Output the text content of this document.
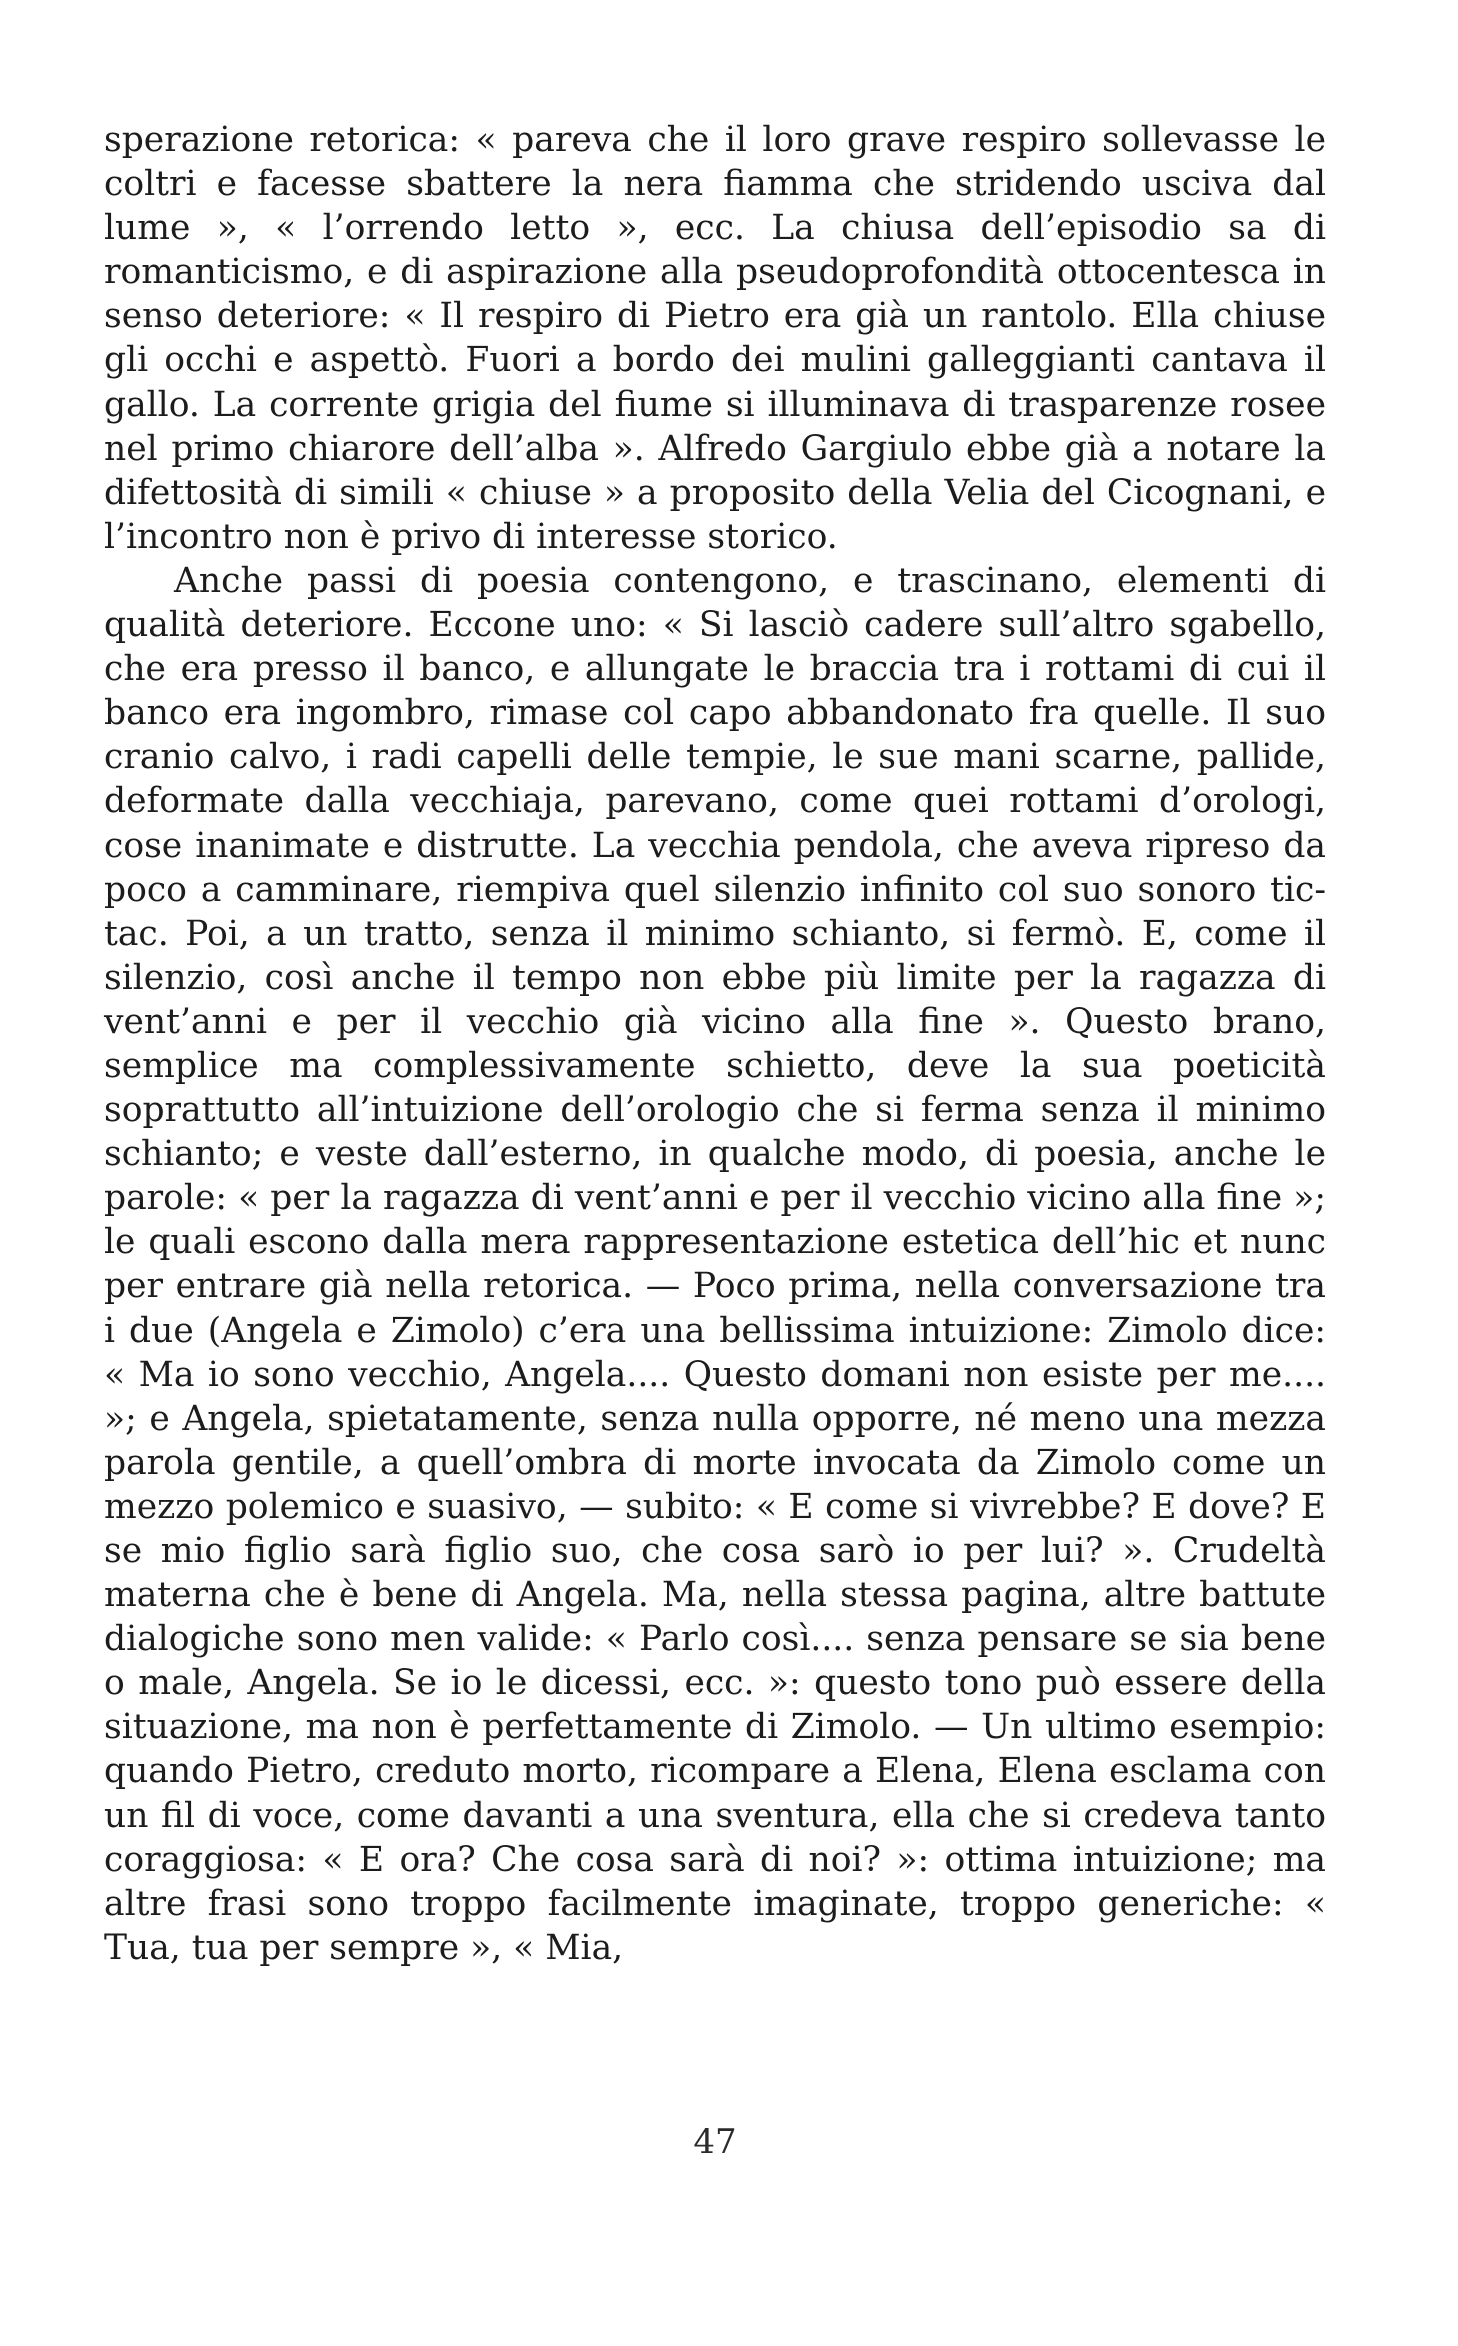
sperazione retorica: « pareva che il loro grave respiro sollevasse le coltri e facesse sbattere la nera fiamma che stridendo usciva dal lume », « l’orrendo letto », ecc. La chiusa dell’episodio sa di romanticismo, e di aspirazione alla pseudoprofondità ottocentesca in senso deteriore: « Il respiro di Pietro era già un rantolo. Ella chiuse gli occhi e aspettò. Fuori a bordo dei mulini galleggianti cantava il gallo. La corrente grigia del fiume si illuminava di trasparenze rosee nel primo chiarore dell’alba ». Alfredo Gargiulo ebbe già a notare la difettosità di simili « chiuse » a proposito della Velia del Cicognani, e l’incontro non è privo di interesse storico.

Anche passi di poesia contengono, e trascinano, elementi di qualità deteriore. Eccone uno: « Si lasciò cadere sull’altro sgabello, che era presso il banco, e allungate le braccia tra i rottami di cui il banco era ingombro, rimase col capo abbandonato fra quelle. Il suo cranio calvo, i radi capelli delle tempie, le sue mani scarne, pallide, deformate dalla vecchiaja, parevano, come quei rottami d’orologi, cose inanimate e distrutte. La vecchia pendola, che aveva ripreso da poco a camminare, riempiva quel silenzio infinito col suo sonoro tic-tac. Poi, a un tratto, senza il minimo schianto, si fermò. E, come il silenzio, così anche il tempo non ebbe più limite per la ragazza di vent’anni e per il vecchio già vicino alla fine ». Questo brano, semplice ma complessivamente schietto, deve la sua poeticità soprattutto all’intuizione dell’orologio che si ferma senza il minimo schianto; e veste dall’esterno, in qualche modo, di poesia, anche le parole: « per la ragazza di vent’anni e per il vecchio vicino alla fine »; le quali escono dalla mera rappresentazione estetica dell’hic et nunc per entrare già nella retorica. — Poco prima, nella conversazione tra i due (Angela e Zimolo) c’era una bellissima intuizione: Zimolo dice: « Ma io sono vecchio, Angela.... Questo domani non esiste per me.... »; e Angela, spietatamente, senza nulla opporre, né meno una mezza parola gentile, a quell’ombra di morte invocata da Zimolo come un mezzo polemico e suasivo, — subito: « E come si vivrebbe? E dove? E se mio figlio sarà figlio suo, che cosa sarò io per lui? ». Crudeltà materna che è bene di Angela. Ma, nella stessa pagina, altre battute dialogiche sono men valide: « Parlo così.... senza pensare se sia bene o male, Angela. Se io le dicessi, ecc. »: questo tono può essere della situazione, ma non è perfettamente di Zimolo. — Un ultimo esempio: quando Pietro, creduto morto, ricompare a Elena, Elena esclama con un fil di voce, come davanti a una sventura, ella che si credeva tanto coraggiosa: « E ora? Che cosa sarà di noi? »: ottima intuizione; ma altre frasi sono troppo facilmente imaginate, troppo generiche: « Tua, tua per sempre », « Mia,

47
